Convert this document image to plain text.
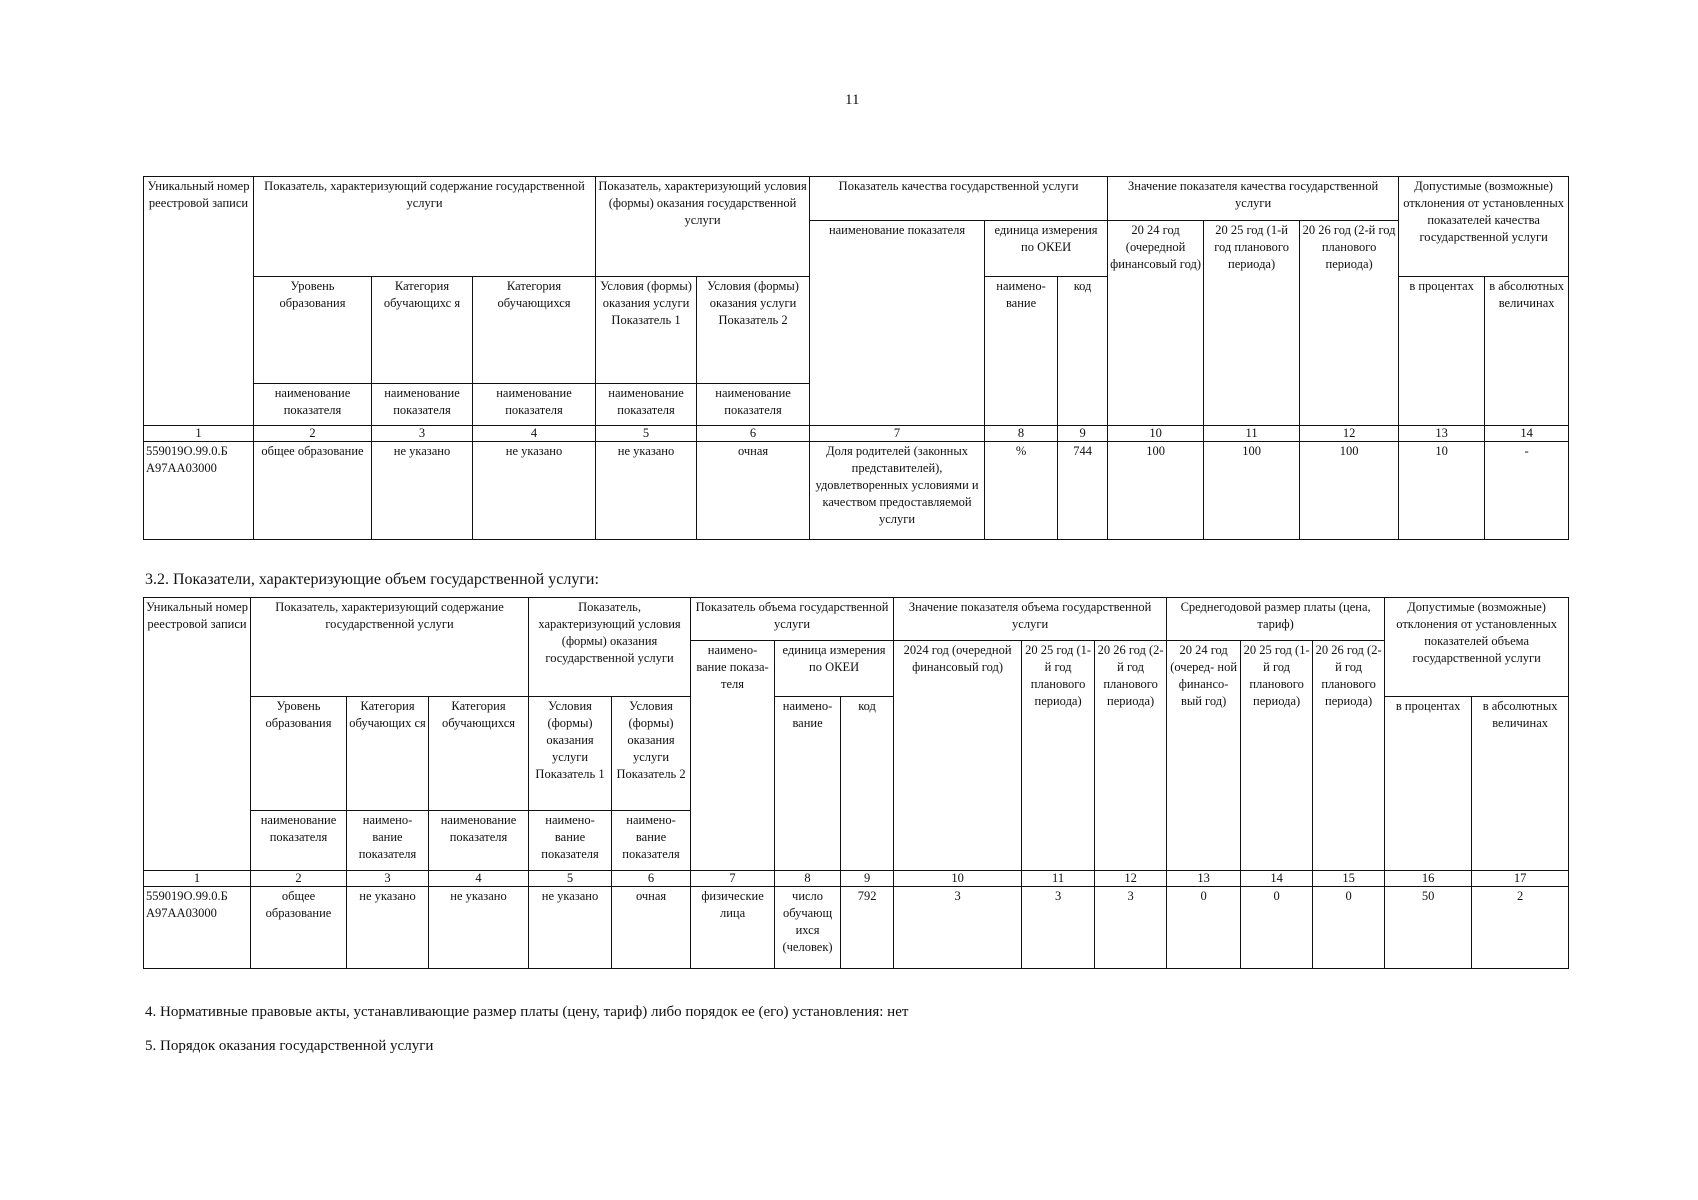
11
Уникальный номер реестровой записи	Показатель, характеризующий содержание государственной услуги			Показатель, характеризующий условия (формы) оказания государственной услуги		Показатель качества государственной услуги			Значение показателя качества государственной услуги			Допустимые (возможные) отклонения от установленных показателей качества государственной услуги	
						наименование показателя	единица измерения по ОКЕИ		20 24 год (очередной финансовый год)	20 25 год (1-й год планового периода)	20 26 год (2-й год планового периода)		
	Уровень образования	Категория обучающихс я	Категория обучающихся	Условия (формы) оказания услуги Показатель 1	Условия (формы) оказания услуги Показатель 2		наимено- вание	код				в процентах	в абсолютных величинах
	наименование показателя	наименование показателя	наименование показателя	наименование показателя	наименование показателя								
1	2	3	4	5	6	7	8	9	10	11	12	13	14
559019О.99.0.Б А97АА03000	общее образование	не указано	не указано	не указано	очная	Доля родителей (законных представителей), удовлетворенных условиями и качеством предоставляемой услуги	%	744	100	100	100	10	-

3.2. Показатели, характеризующие объем государственной услуги:

Уникальный номер реестровой записи	Показатель, характеризующий содержание государственной услуги			Показатель, характеризующий условия (формы) оказания государственной услуги		Показатель объема государственной услуги			Значение показателя объема государственной услуги			Среднегодовой размер платы (цена, тариф)			Допустимые (возможные) отклонения от установленных показателей объема государственной услуги	
						наимено- вание показа- теля	единица измерения по ОКЕИ		2024 год (очередной финансовый год)	20 25 год (1-й год планового периода)	20 26 год (2-й год планового периода)	20 24 год (очеред- ной финансо- вый год)	20 25 год (1-й год планового периода)	20 26 год (2-й год планового периода)		
	Уровень образования	Категория обучающих ся	Категория обучающихся	Условия (формы) оказания услуги Показатель 1	Условия (формы) оказания услуги Показатель 2		наимено- вание	код							в процентах	в абсолютных величинах
	наименование показателя	наимено- вание показателя	наименование показателя	наимено- вание показателя	наимено- вание показателя											
1	2	3	4	5	6	7	8	9	10	11	12	13	14	15	16	17
559019О.99.0.Б А97АА03000	общее образование	не указано	не указано	не указано	очная	физические лица	число обучающ ихся (человек)	792	3	3	3	0	0	0	50	2

4. Нормативные правовые акты, устанавливающие размер платы (цену, тариф) либо порядок ее (его) установления: нет

5. Порядок оказания государственной услуги
